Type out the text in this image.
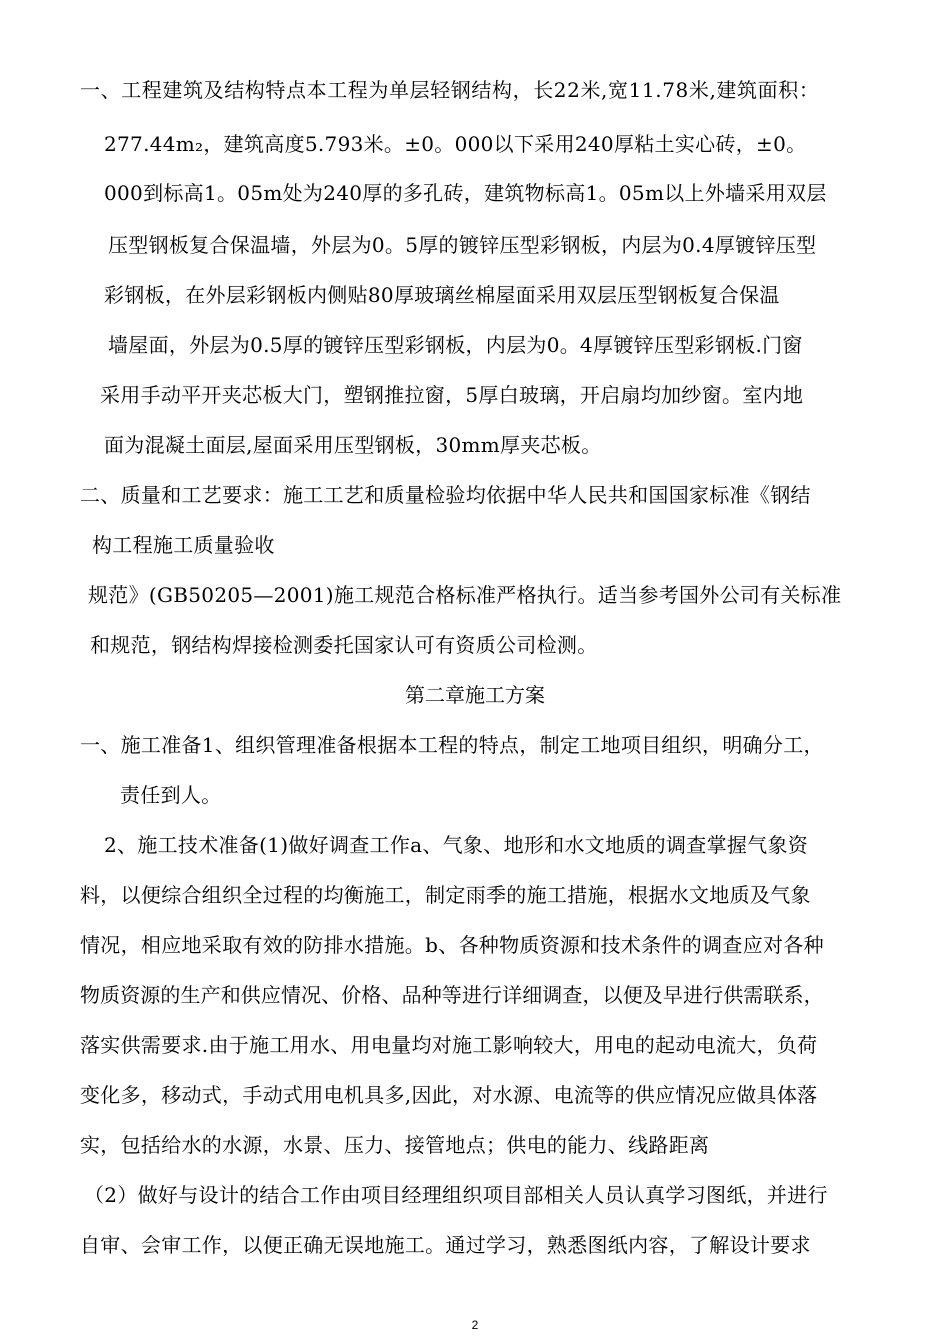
一、工程建筑及结构特点本工程为单层轻钢结构，长22米,宽11.78米,建筑面积：
277.44m₂，建筑高度5.793米。±0。000以下采用240厚粘土实心砖，±0。
000到标高1。05m处为240厚的多孔砖，建筑物标高1。05m以上外墙采用双层
压型钢板复合保温墙，外层为0。5厚的镀锌压型彩钢板，内层为0.4厚镀锌压型
彩钢板，在外层彩钢板内侧贴80厚玻璃丝棉屋面采用双层压型钢板复合保温
墙屋面，外层为0.5厚的镀锌压型彩钢板，内层为0。4厚镀锌压型彩钢板.门窗
采用手动平开夹芯板大门，塑钢推拉窗，5厚白玻璃，开启扇均加纱窗。室内地
面为混凝土面层,屋面采用压型钢板，30mm厚夹芯板。
二、质量和工艺要求：施工工艺和质量检验均依据中华人民共和国国家标准《钢结
构工程施工质量验收
规范》(GB50205—2001)施工规范合格标准严格执行。适当参考国外公司有关标准
和规范，钢结构焊接检测委托国家认可有资质公司检测。
第二章施工方案
一、施工准备1、组织管理准备根据本工程的特点，制定工地项目组织，明确分工，
责任到人。
2、施工技术准备(1)做好调查工作a、气象、地形和水文地质的调查掌握气象资
料，以便综合组织全过程的均衡施工，制定雨季的施工措施，根据水文地质及气象
情况，相应地采取有效的防排水措施。b、各种物质资源和技术条件的调查应对各种
物质资源的生产和供应情况、价格、品种等进行详细调查，以便及早进行供需联系，
落实供需要求.由于施工用水、用电量均对施工影响较大，用电的起动电流大，负荷
变化多，移动式，手动式用电机具多,因此，对水源、电流等的供应情况应做具体落
实，包括给水的水源，水景、压力、接管地点；供电的能力、线路距离
（2）做好与设计的结合工作由项目经理组织项目部相关人员认真学习图纸，并进行
自审、会审工作，以便正确无误地施工。通过学习，熟悉图纸内容，了解设计要求
2
